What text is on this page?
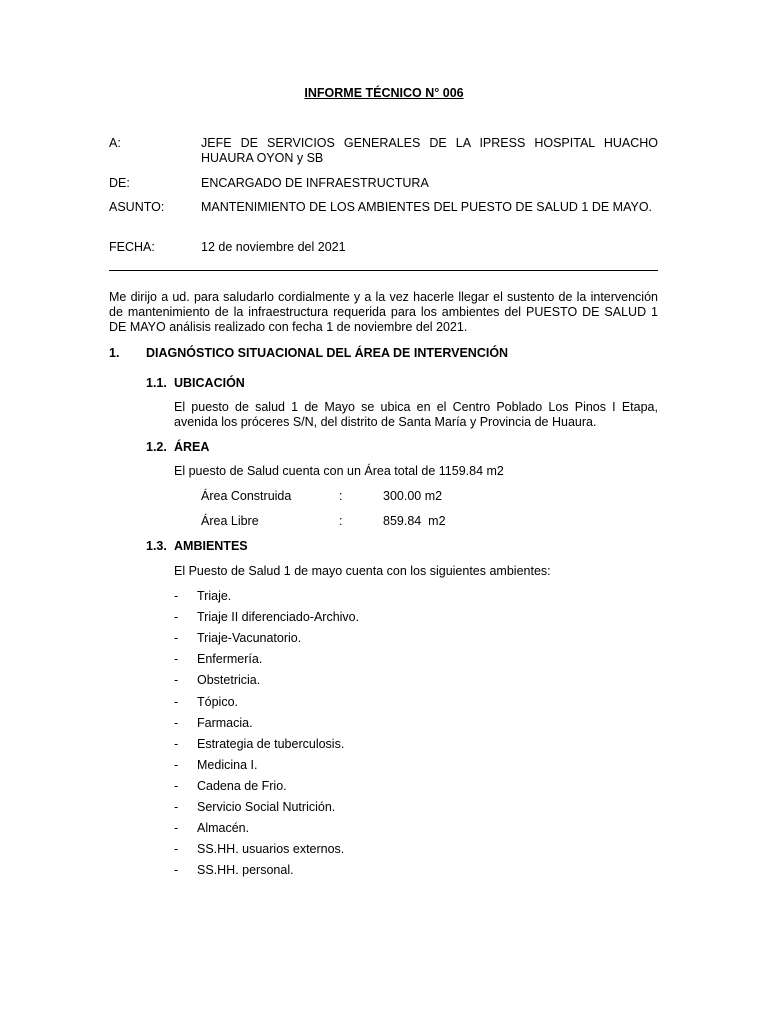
INFORME TÉCNICO N° 006
A:	JEFE DE SERVICIOS GENERALES DE LA IPRESS HOSPITAL HUACHO HUAURA OYON y SB
DE:	ENCARGADO DE INFRAESTRUCTURA
ASUNTO:	MANTENIMIENTO DE LOS AMBIENTES DEL PUESTO DE SALUD 1 DE MAYO.
FECHA:	12 de noviembre del 2021
Me dirijo a ud. para saludarlo cordialmente y a la vez hacerle llegar el sustento de la intervención de mantenimiento de la infraestructura requerida para los ambientes del PUESTO DE SALUD 1 DE MAYO análisis realizado con fecha 1 de noviembre del 2021.
1. DIAGNÓSTICO SITUACIONAL DEL ÁREA DE INTERVENCIÓN
1.1. UBICACIÓN
El puesto de salud 1 de Mayo se ubica en el Centro Poblado Los Pinos I Etapa, avenida los próceres S/N, del distrito de Santa María y Provincia de Huaura.
1.2. ÁREA
El puesto de Salud cuenta con un Área total de 1159.84 m2
Área Construida	:	300.00 m2
Área Libre	:	859.84  m2
1.3. AMBIENTES
El Puesto de Salud 1 de mayo cuenta con los siguientes ambientes:
- Triaje.
- Triaje II diferenciado-Archivo.
- Triaje-Vacunatorio.
- Enfermería.
- Obstetricia.
- Tópico.
- Farmacia.
- Estrategia de tuberculosis.
- Medicina I.
- Cadena de Frio.
- Servicio Social Nutrición.
- Almacén.
- SS.HH. usuarios externos.
- SS.HH. personal.
